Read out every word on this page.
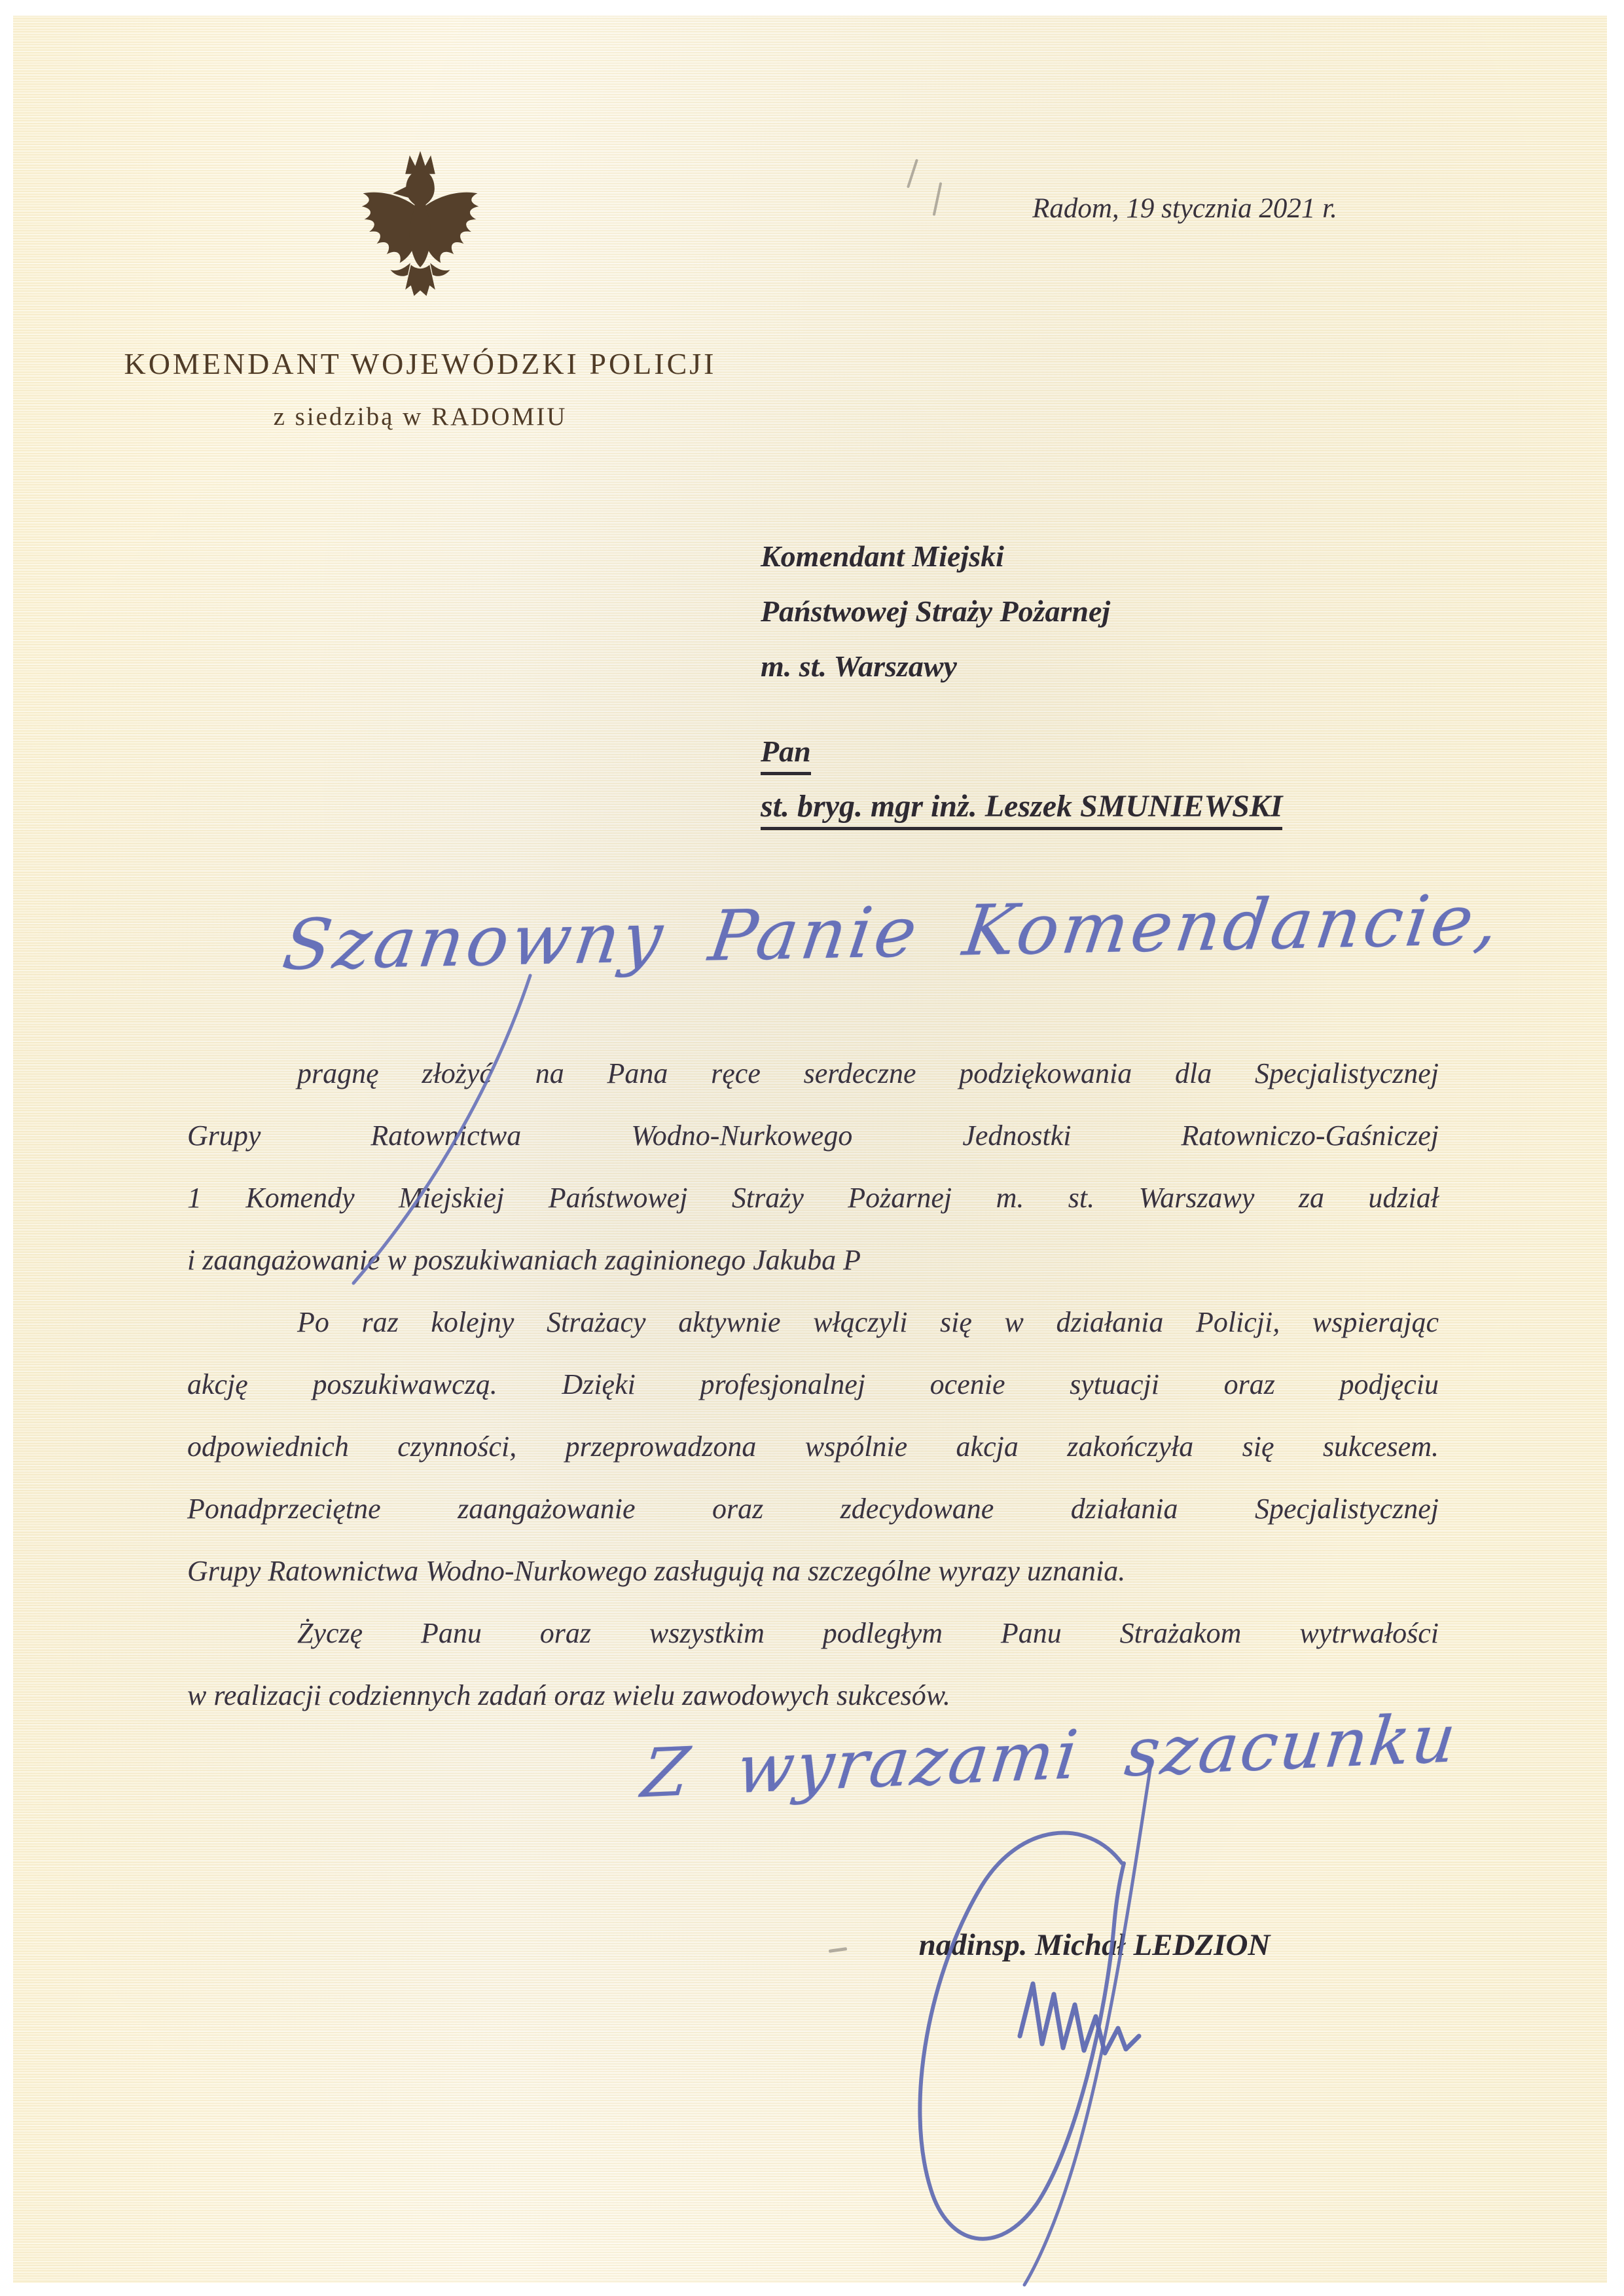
KOMENDANT WOJEWÓDZKI POLICJI
z siedzibą w RADOMIU
Radom, 19 stycznia 2021 r.
Komendant Miejski
Państwowej Straży Pożarnej
m. st. Warszawy
Pan
st. bryg. mgr inż. Leszek SMUNIEWSKI
Szanowny Panie Komendancie,
pragnę złożyć na Pana ręce serdeczne podziękowania dla Specjalistycznej
Grupy Ratownictwa Wodno-Nurkowego Jednostki Ratowniczo-Gaśniczej
1 Komendy Miejskiej Państwowej Straży Pożarnej m. st. Warszawy za udział
i zaangażowanie w poszukiwaniach zaginionego Jakuba P
Po raz kolejny Strażacy aktywnie włączyli się w działania Policji, wspierając
akcję poszukiwawczą. Dzięki profesjonalnej ocenie sytuacji oraz podjęciu
odpowiednich czynności, przeprowadzona wspólnie akcja zakończyła się sukcesem.
Ponadprzeciętne zaangażowanie oraz zdecydowane działania Specjalistycznej
Grupy Ratownictwa Wodno-Nurkowego zasługują na szczególne wyrazy uznania.
Życzę Panu oraz wszystkim podległym Panu Strażakom wytrwałości
w realizacji codziennych zadań oraz wielu zawodowych sukcesów.
Z wyrazami szacunku
nadinsp. Michał LEDZION
